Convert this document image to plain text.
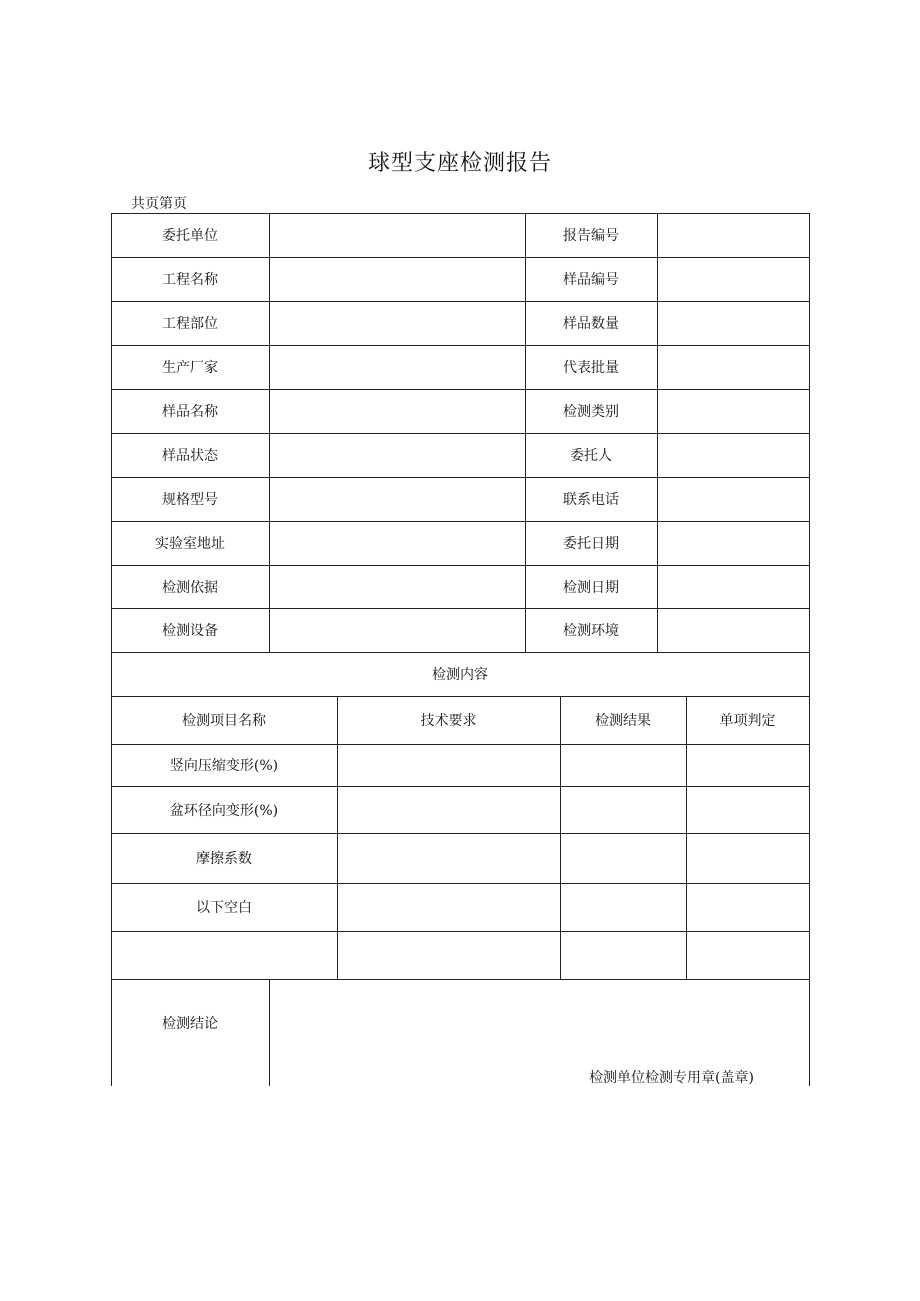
球型支座检测报告
共页第页
委托单位	报告编号
工程名称	样品编号
工程部位	样品数量
生产厂家	代表批量
样品名称	检测类别
样品状态	委托人
规格型号	联系电话
实验室地址	委托日期
检测依据	检测日期
检测设备	检测环境
检测内容
检测项目名称	技术要求	检测结果	单项判定
竖向压缩变形(%)
盆环径向变形(%)
摩擦系数
以下空白
检测结论
检测单位检测专用章(盖章)
